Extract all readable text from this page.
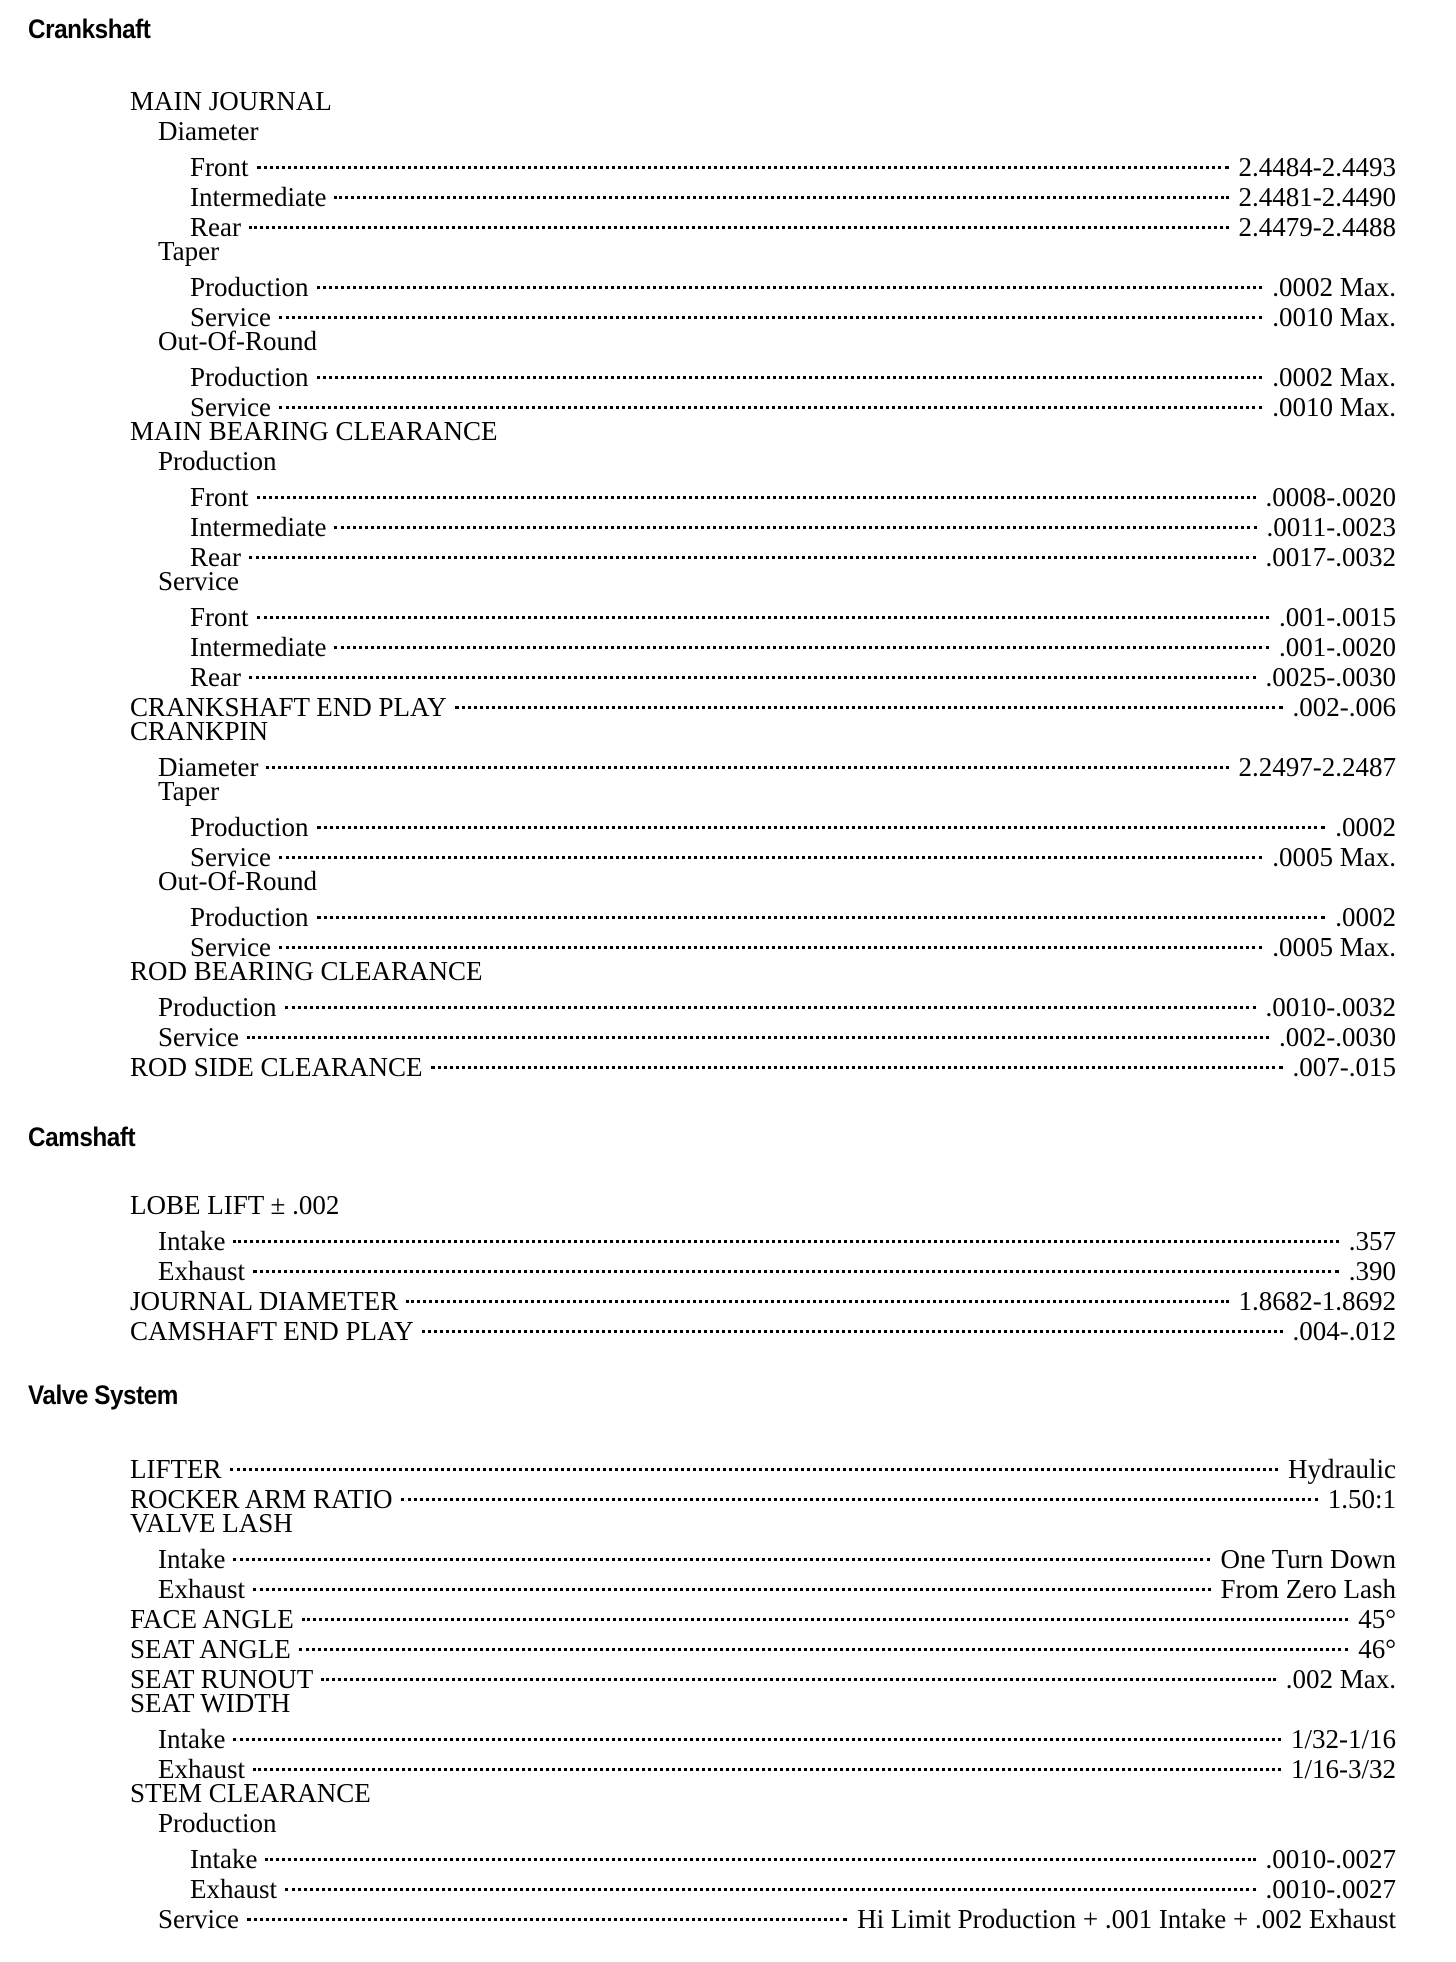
Crankshaft
MAIN JOURNAL
Diameter
Front	2.4484-2.4493
Intermediate	2.4481-2.4490
Rear	2.4479-2.4488
Taper
Production	.0002 Max.
Service	.0010 Max.
Out-Of-Round
Production	.0002 Max.
Service	.0010 Max.
MAIN BEARING CLEARANCE
Production
Front	.0008-.0020
Intermediate	.0011-.0023
Rear	.0017-.0032
Service
Front	.001-.0015
Intermediate	.001-.0020
Rear	.0025-.0030
CRANKSHAFT END PLAY	.002-.006
CRANKPIN
Diameter	2.2497-2.2487
Taper
Production	.0002
Service	.0005 Max.
Out-Of-Round
Production	.0002
Service	.0005 Max.
ROD BEARING CLEARANCE
Production	.0010-.0032
Service	.002-.0030
ROD SIDE CLEARANCE	.007-.015
Camshaft
LOBE LIFT ± .002
Intake	.357
Exhaust	.390
JOURNAL DIAMETER	1.8682-1.8692
CAMSHAFT END PLAY	.004-.012
Valve System
LIFTER	Hydraulic
ROCKER ARM RATIO	1.50:1
VALVE LASH
Intake	One Turn Down
Exhaust	From Zero Lash
FACE ANGLE	45°
SEAT ANGLE	46°
SEAT RUNOUT	.002 Max.
SEAT WIDTH
Intake	1/32-1/16
Exhaust	1/16-3/32
STEM CLEARANCE
Production
Intake	.0010-.0027
Exhaust	.0010-.0027
Service	Hi Limit Production + .001 Intake + .002 Exhaust
